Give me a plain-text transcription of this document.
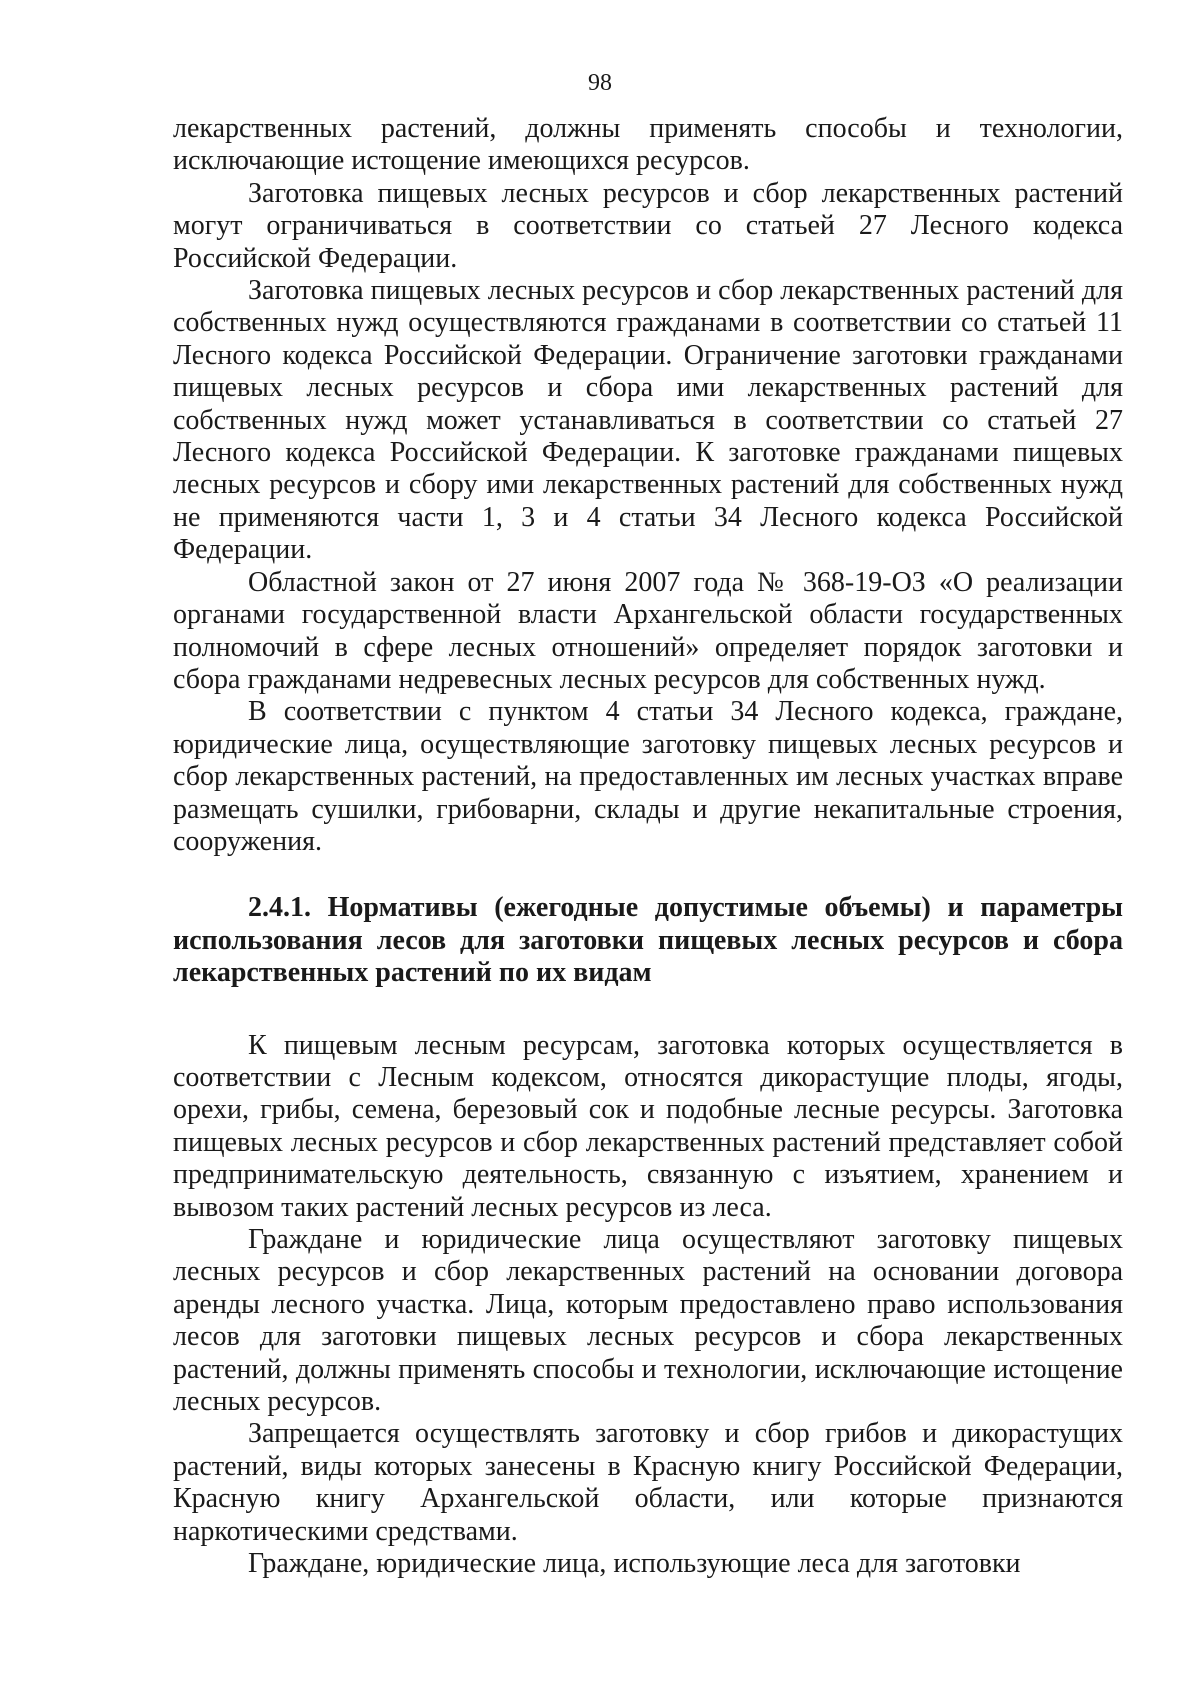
98

лекарственных растений, должны применять способы и технологии, исключающие истощение имеющихся ресурсов.

Заготовка пищевых лесных ресурсов и сбор лекарственных растений могут ограничиваться в соответствии со статьей 27 Лесного кодекса Российской Федерации.

Заготовка пищевых лесных ресурсов и сбор лекарственных растений для собственных нужд осуществляются гражданами в соответствии со статьей 11 Лесного кодекса Российской Федерации. Ограничение заготовки гражданами пищевых лесных ресурсов и сбора ими лекарственных растений для собственных нужд может устанавливаться в соответствии со статьей 27 Лесного кодекса Российской Федерации. К заготовке гражданами пищевых лесных ресурсов и сбору ими лекарственных растений для собственных нужд не применяются части 1, 3 и 4 статьи 34 Лесного кодекса Российской Федерации.

Областной закон от 27 июня 2007 года № 368-19-ОЗ «О реализации органами государственной власти Архангельской области государственных полномочий в сфере лесных отношений» определяет порядок заготовки и сбора гражданами недревесных лесных ресурсов для собственных нужд.

В соответствии с пунктом 4 статьи 34 Лесного кодекса, граждане, юридические лица, осуществляющие заготовку пищевых лесных ресурсов и сбор лекарственных растений, на предоставленных им лесных участках вправе размещать сушилки, грибоварни, склады и другие некапитальные строения, сооружения.

2.4.1. Нормативы (ежегодные допустимые объемы) и параметры использования лесов для заготовки пищевых лесных ресурсов и сбора лекарственных растений по их видам

К пищевым лесным ресурсам, заготовка которых осуществляется в соответствии с Лесным кодексом, относятся дикорастущие плоды, ягоды, орехи, грибы, семена, березовый сок и подобные лесные ресурсы. Заготовка пищевых лесных ресурсов и сбор лекарственных растений представляет собой предпринимательскую деятельность, связанную с изъятием, хранением и вывозом таких растений лесных ресурсов из леса.

Граждане и юридические лица осуществляют заготовку пищевых лесных ресурсов и сбор лекарственных растений на основании договора аренды лесного участка. Лица, которым предоставлено право использования лесов для заготовки пищевых лесных ресурсов и сбора лекарственных растений, должны применять способы и технологии, исключающие истощение лесных ресурсов.

Запрещается осуществлять заготовку и сбор грибов и дикорастущих растений, виды которых занесены в Красную книгу Российской Федерации, Красную книгу Архангельской области, или которые признаются наркотическими средствами.

Граждане, юридические лица, использующие леса для заготовки
